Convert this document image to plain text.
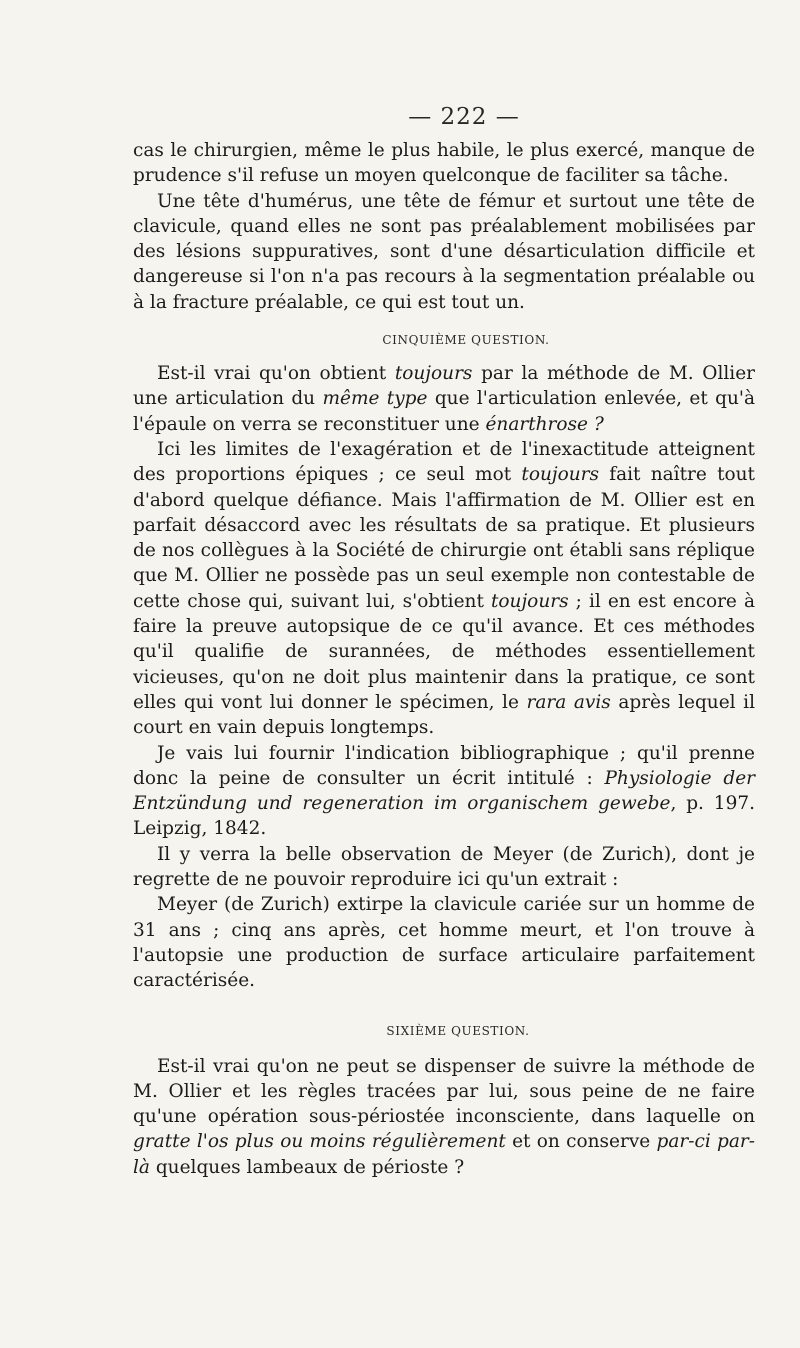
— 222 —

cas le chirurgien, même le plus habile, le plus exercé, manque de prudence s'il refuse un moyen quelconque de faciliter sa tâche.

Une tête d'humérus, une tête de fémur et surtout une tête de clavicule, quand elles ne sont pas préalablement mobilisées par des lésions suppuratives, sont d'une désarticulation difficile et dangereuse si l'on n'a pas recours à la segmentation préalable ou à la fracture préalable, ce qui est tout un.

CINQUIÈME QUESTION.

Est-il vrai qu'on obtient toujours par la méthode de M. Ollier une articulation du même type que l'articulation enlevée, et qu'à l'épaule on verra se reconstituer une énarthrose ?

Ici les limites de l'exagération et de l'inexactitude atteignent des proportions épiques ; ce seul mot toujours fait naître tout d'abord quelque défiance. Mais l'affirmation de M. Ollier est en parfait désaccord avec les résultats de sa pratique. Et plusieurs de nos collègues à la Société de chirurgie ont établi sans réplique que M. Ollier ne possède pas un seul exemple non contestable de cette chose qui, suivant lui, s'obtient toujours ; il en est encore à faire la preuve autopsique de ce qu'il avance. Et ces méthodes qu'il qualifie de surannées, de méthodes essentiellement vicieuses, qu'on ne doit plus maintenir dans la pratique, ce sont elles qui vont lui donner le spécimen, le rara avis après lequel il court en vain depuis longtemps.

Je vais lui fournir l'indication bibliographique ; qu'il prenne donc la peine de consulter un écrit intitulé : Physiologie der Entzündung und regeneration im organischem gewebe, p. 197. Leipzig, 1842.

Il y verra la belle observation de Meyer (de Zurich), dont je regrette de ne pouvoir reproduire ici qu'un extrait :

Meyer (de Zurich) extirpe la clavicule cariée sur un homme de 31 ans ; cinq ans après, cet homme meurt, et l'on trouve à l'autopsie une production de surface articulaire parfaitement caractérisée.

SIXIÈME QUESTION.

Est-il vrai qu'on ne peut se dispenser de suivre la méthode de M. Ollier et les règles tracées par lui, sous peine de ne faire qu'une opération sous-périostée inconsciente, dans laquelle on gratte l'os plus ou moins régulièrement et on conserve par-ci par-là quelques lambeaux de périoste ?
